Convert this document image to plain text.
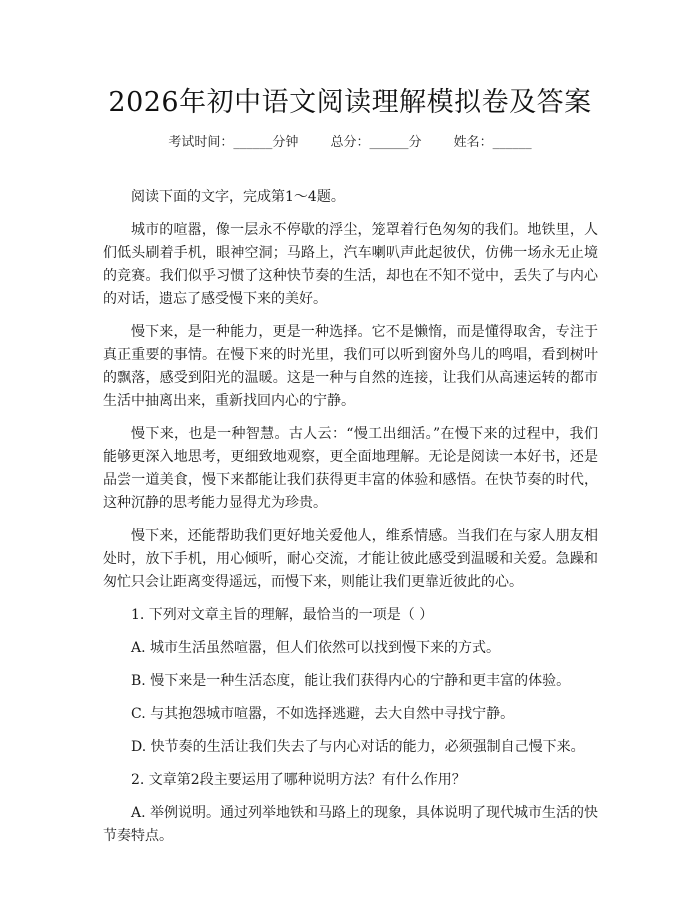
2026年初中语文阅读理解模拟卷及答案
考试时间：______分钟 总分：______分 姓名：______

阅读下面的文字，完成第1～4题。

城市的喧嚣，像一层永不停歇的浮尘，笼罩着行色匆匆的我们。地铁里，人们低头刷着手机，眼神空洞；马路上，汽车喇叭声此起彼伏，仿佛一场永无止境的竞赛。我们似乎习惯了这种快节奏的生活，却也在不知不觉中，丢失了与内心的对话，遗忘了感受慢下来的美好。

慢下来，是一种能力，更是一种选择。它不是懒惰，而是懂得取舍，专注于真正重要的事情。在慢下来的时光里，我们可以听到窗外鸟儿的鸣唱，看到树叶的飘落，感受到阳光的温暖。这是一种与自然的连接，让我们从高速运转的都市生活中抽离出来，重新找回内心的宁静。

慢下来，也是一种智慧。古人云：“慢工出细活。”在慢下来的过程中，我们能够更深入地思考，更细致地观察，更全面地理解。无论是阅读一本好书，还是品尝一道美食，慢下来都能让我们获得更丰富的体验和感悟。在快节奏的时代，这种沉静的思考能力显得尤为珍贵。

慢下来，还能帮助我们更好地关爱他人，维系情感。当我们在与家人朋友相处时，放下手机，用心倾听，耐心交流，才能让彼此感受到温暖和关爱。急躁和匆忙只会让距离变得遥远，而慢下来，则能让我们更靠近彼此的心。

1. 下列对文章主旨的理解，最恰当的一项是（ ）

A. 城市生活虽然喧嚣，但人们依然可以找到慢下来的方式。

B. 慢下来是一种生活态度，能让我们获得内心的宁静和更丰富的体验。

C. 与其抱怨城市喧嚣，不如选择逃避，去大自然中寻找宁静。

D. 快节奏的生活让我们失去了与内心对话的能力，必须强制自己慢下来。

2. 文章第2段主要运用了哪种说明方法？有什么作用？

A. 举例说明。通过列举地铁和马路上的现象，具体说明了现代城市生活的快节奏特点。
